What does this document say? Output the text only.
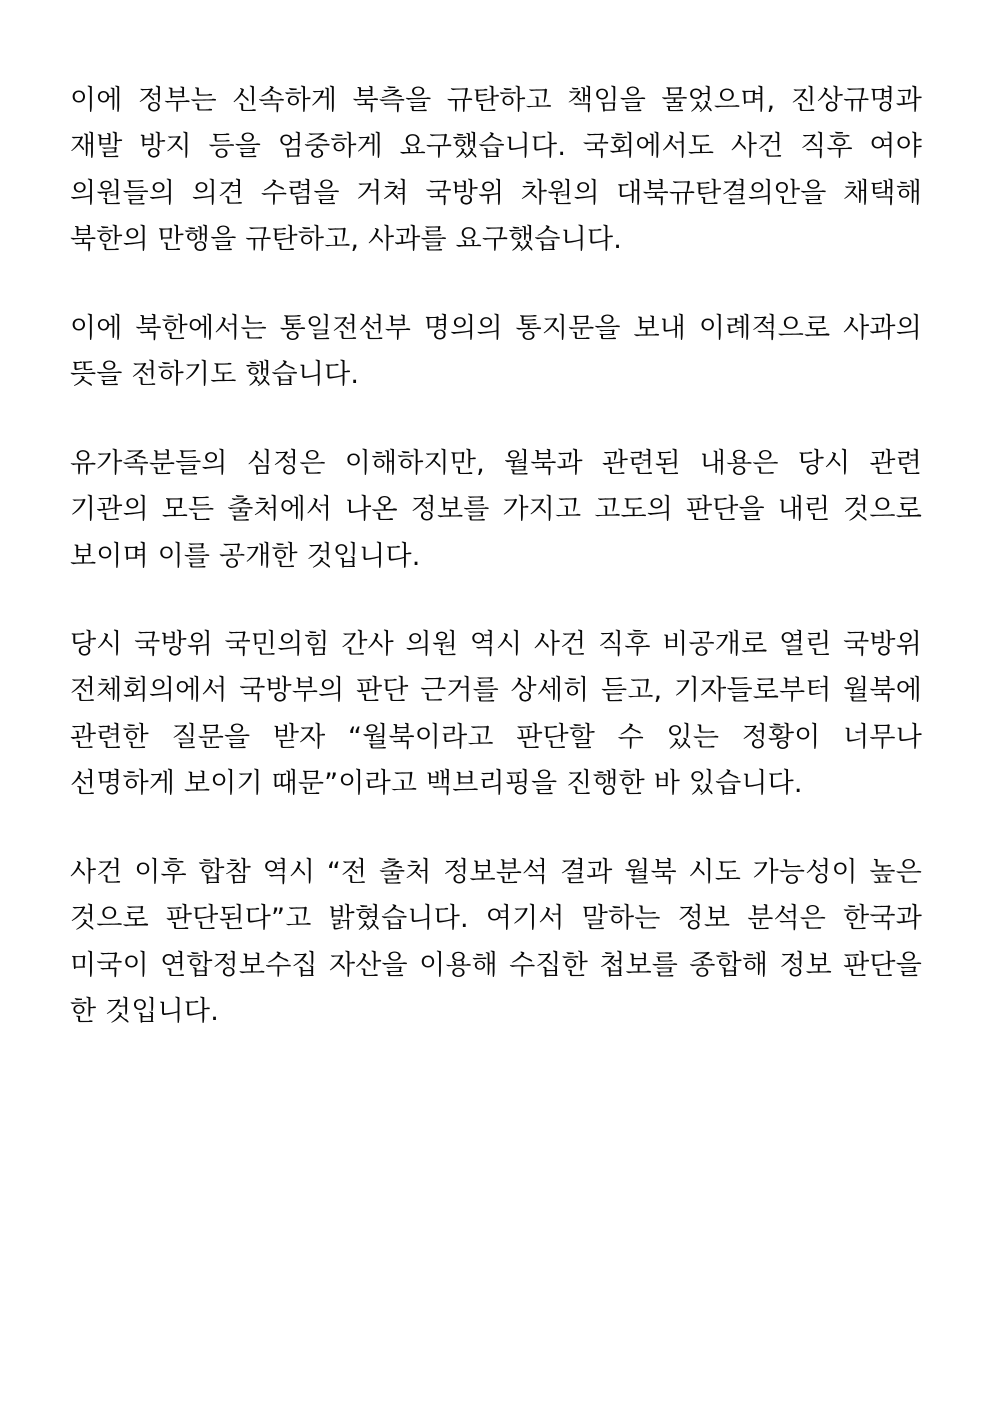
이에 정부는 신속하게 북측을 규탄하고 책임을 물었으며, 진상규명과 재발 방지 등을 엄중하게 요구했습니다. 국회에서도 사건 직후 여야 의원들의 의견 수렴을 거쳐 국방위 차원의 대북규탄결의안을 채택해 북한의 만행을 규탄하고, 사과를 요구했습니다.

이에 북한에서는 통일전선부 명의의 통지문을 보내 이례적으로 사과의 뜻을 전하기도 했습니다.

유가족분들의 심정은 이해하지만, 월북과 관련된 내용은 당시 관련 기관의 모든 출처에서 나온 정보를 가지고 고도의 판단을 내린 것으로 보이며 이를 공개한 것입니다.

당시 국방위 국민의힘 간사 의원 역시 사건 직후 비공개로 열린 국방위 전체회의에서 국방부의 판단 근거를 상세히 듣고, 기자들로부터 월북에 관련한 질문을 받자 “월북이라고 판단할 수 있는 정황이 너무나 선명하게 보이기 때문”이라고 백브리핑을 진행한 바 있습니다.

사건 이후 합참 역시 “전 출처 정보분석 결과 월북 시도 가능성이 높은 것으로 판단된다”고 밝혔습니다. 여기서 말하는 정보 분석은 한국과 미국이 연합정보수집 자산을 이용해 수집한 첩보를 종합해 정보 판단을 한 것입니다.
